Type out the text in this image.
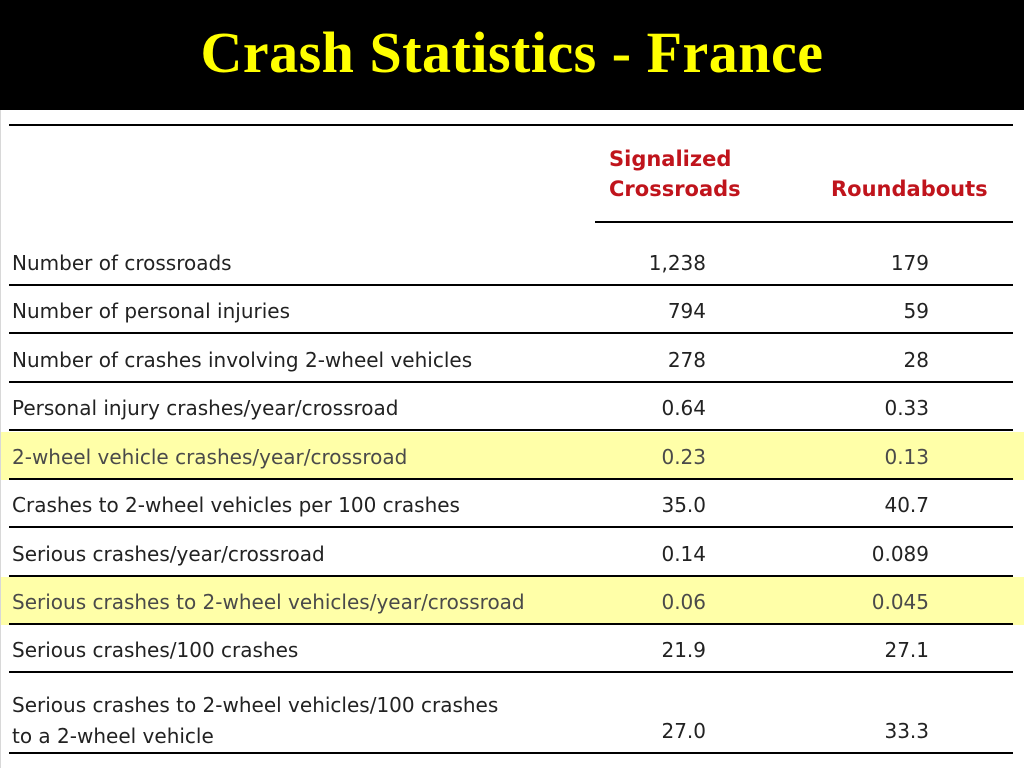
Crash Statistics - France
Signalized
Crossroads	Roundabouts
Number of crossroads	1,238	179
Number of personal injuries	794	59
Number of crashes involving 2-wheel vehicles	278	28
Personal injury crashes/year/crossroad	0.64	0.33
2-wheel vehicle crashes/year/crossroad	0.23	0.13
Crashes to 2-wheel vehicles per 100 crashes	35.0	40.7
Serious crashes/year/crossroad	0.14	0.089
Serious crashes to 2-wheel vehicles/year/crossroad	0.06	0.045
Serious crashes/100 crashes	21.9	27.1
Serious crashes to 2-wheel vehicles/100 crashes
to a 2-wheel vehicle	27.0	33.3
